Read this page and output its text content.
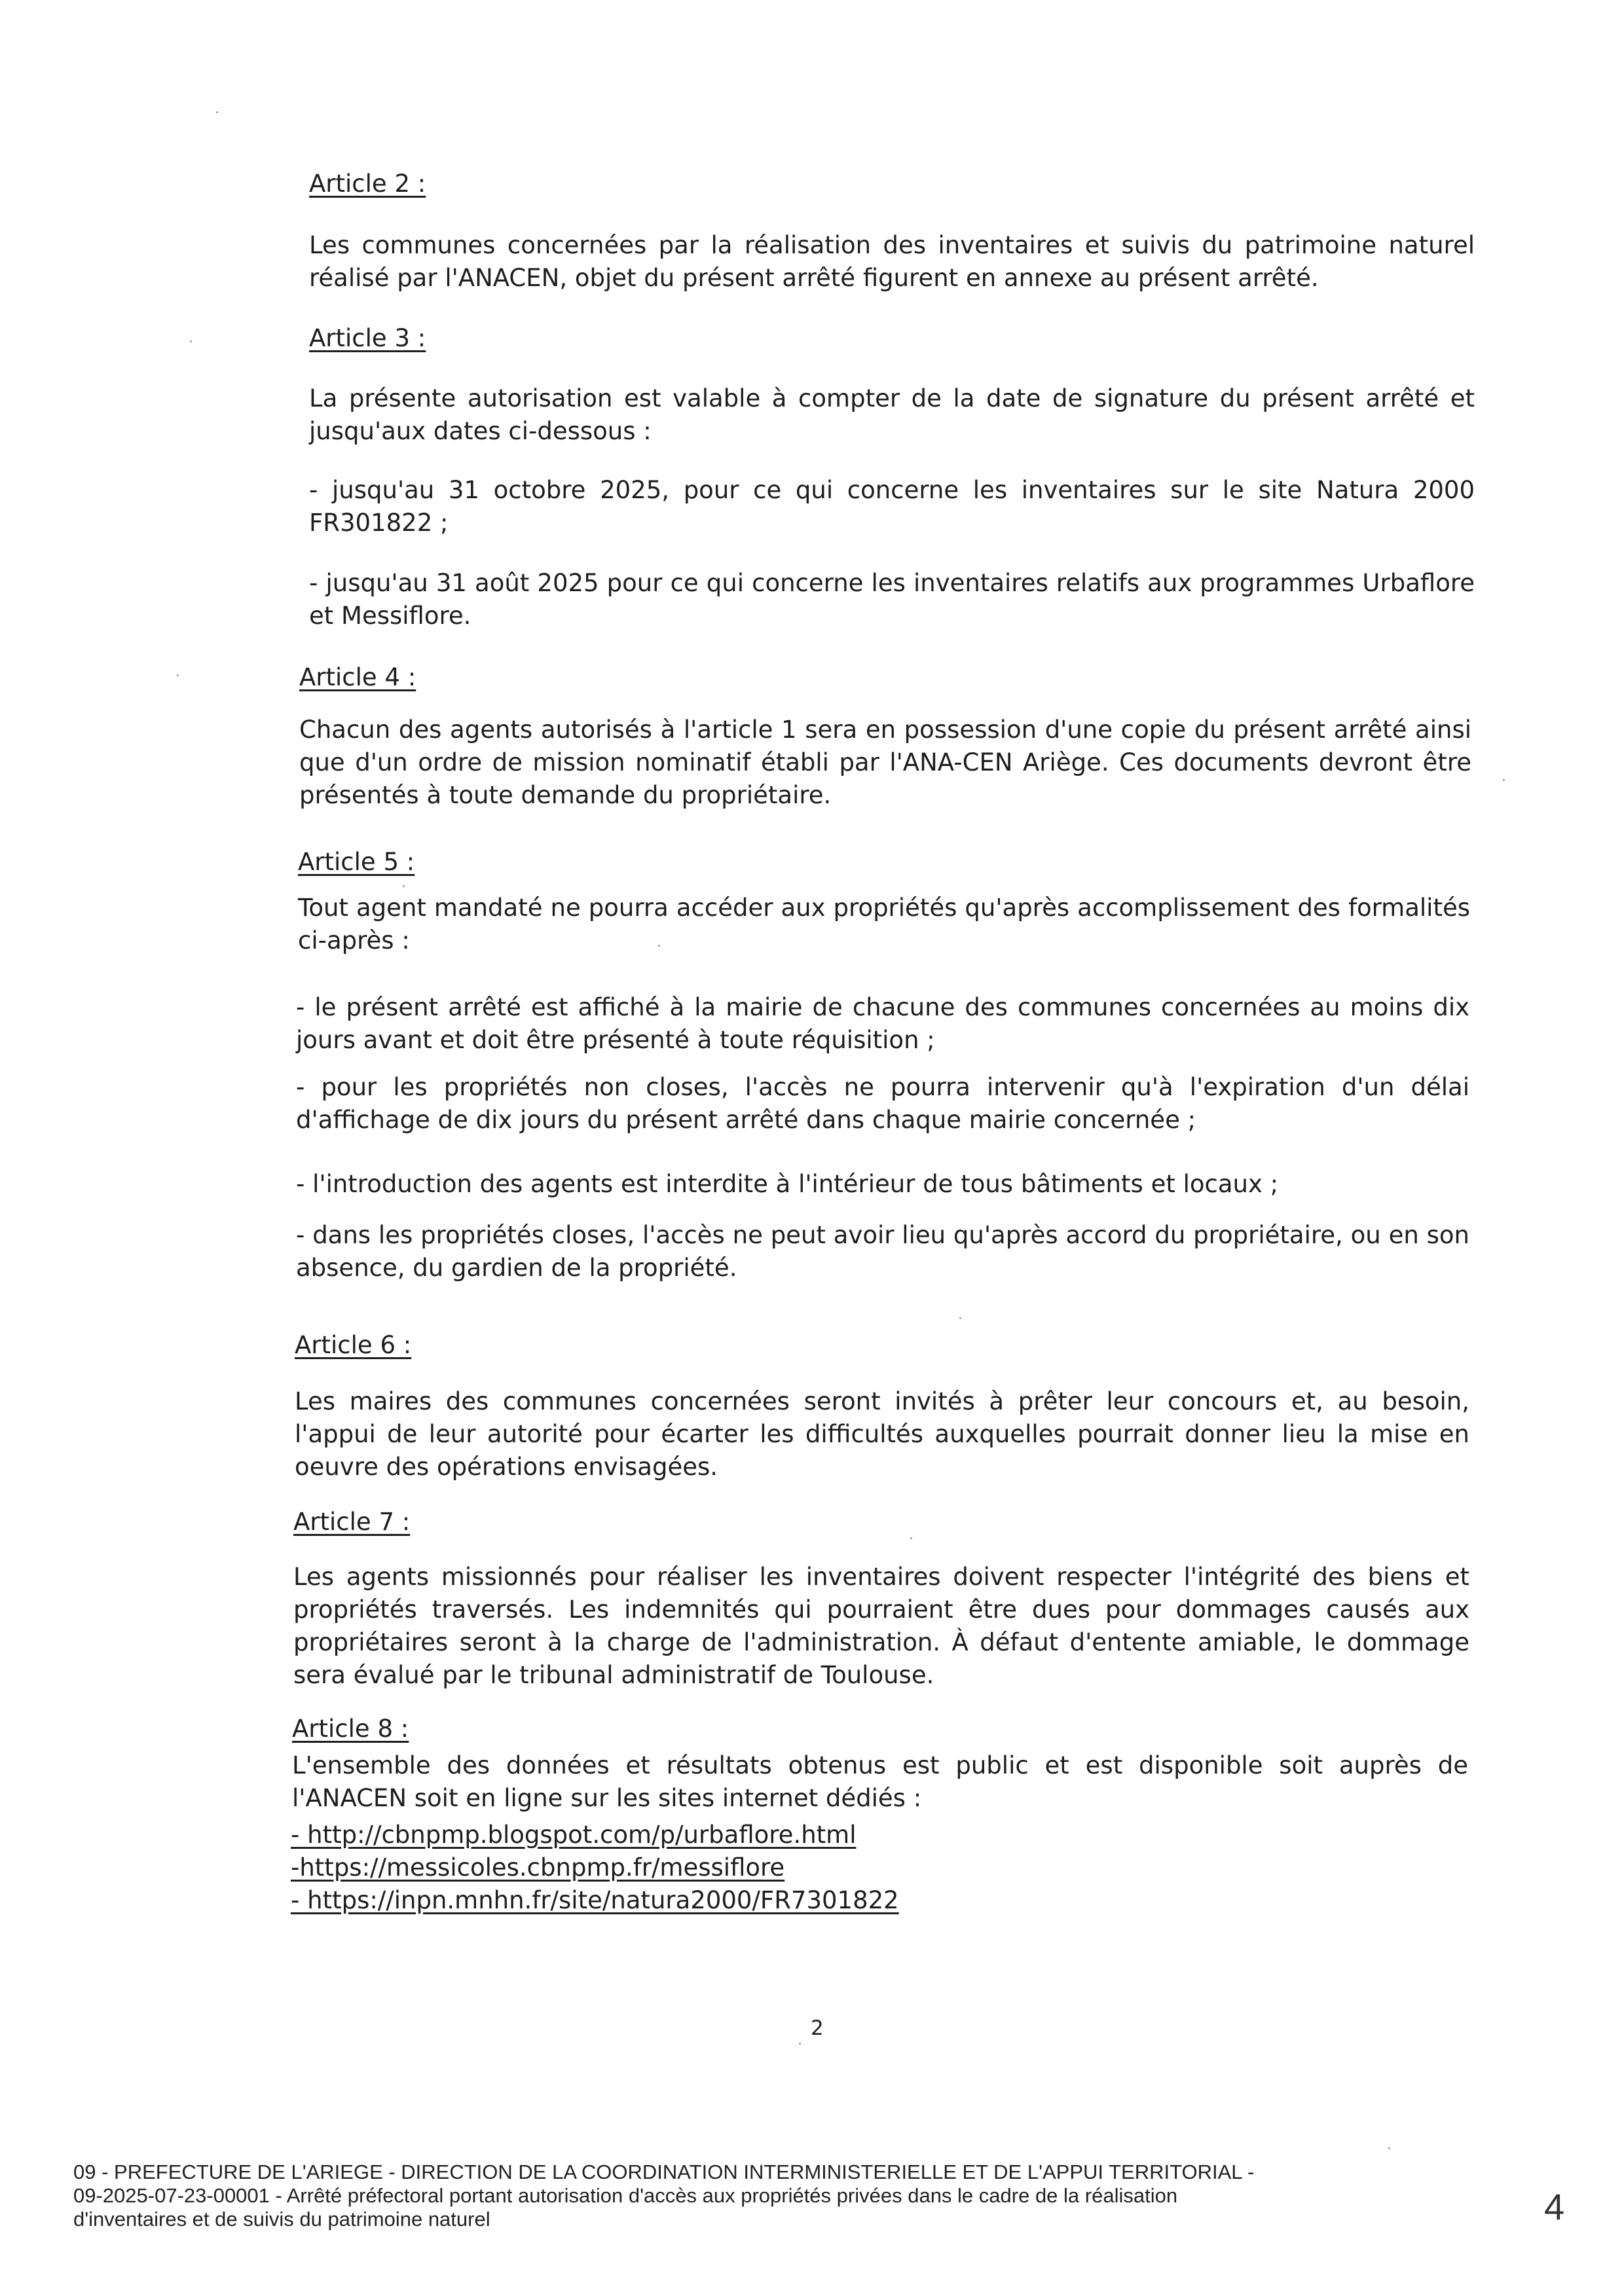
Article 2 :
Les communes concernées par la réalisation des inventaires et suivis du patrimoine naturel réalisé par l'ANACEN, objet du présent arrêté figurent en annexe au présent arrêté.
Article 3 :
La présente autorisation est valable à compter de la date de signature du présent arrêté et jusqu'aux dates ci-dessous :
- jusqu'au 31 octobre 2025, pour ce qui concerne les inventaires sur le site Natura 2000 FR301822 ;
- jusqu'au 31 août 2025 pour ce qui concerne les inventaires relatifs aux programmes Urbaflore et Messiflore.
Article 4 :
Chacun des agents autorisés à l'article 1 sera en possession d'une copie du présent arrêté ainsi que d'un ordre de mission nominatif établi par l'ANA-CEN Ariège. Ces documents devront être présentés à toute demande du propriétaire.
Article 5 :
Tout agent mandaté ne pourra accéder aux propriétés qu'après accomplissement des formalités ci-après :
- le présent arrêté est affiché à la mairie de chacune des communes concernées au moins dix jours avant et doit être présenté à toute réquisition ;
- pour les propriétés non closes, l'accès ne pourra intervenir qu'à l'expiration d'un délai d'affichage de dix jours du présent arrêté dans chaque mairie concernée ;
- l'introduction des agents est interdite à l'intérieur de tous bâtiments et locaux ;
- dans les propriétés closes, l'accès ne peut avoir lieu qu'après accord du propriétaire, ou en son absence, du gardien de la propriété.
Article 6 :
Les maires des communes concernées seront invités à prêter leur concours et, au besoin, l'appui de leur autorité pour écarter les difficultés auxquelles pourrait donner lieu la mise en oeuvre des opérations envisagées.
Article 7 :
Les agents missionnés pour réaliser les inventaires doivent respecter l'intégrité des biens et propriétés traversés. Les indemnités qui pourraient être dues pour dommages causés aux propriétaires seront à la charge de l'administration. À défaut d'entente amiable, le dommage sera évalué par le tribunal administratif de Toulouse.
Article 8 :
L'ensemble des données et résultats obtenus est public et est disponible soit auprès de l'ANACEN soit en ligne sur les sites internet dédiés :
- http://cbnpmp.blogspot.com/p/urbaflore.html
-https://messicoles.cbnpmp.fr/messiflore
- https://inpn.mnhn.fr/site/natura2000/FR7301822
2
09 - PREFECTURE DE L'ARIEGE - DIRECTION DE LA COORDINATION INTERMINISTERIELLE ET DE L'APPUI TERRITORIAL -
09-2025-07-23-00001 - Arrêté préfectoral portant autorisation d'accès aux propriétés privées dans le cadre de la réalisation
d'inventaires et de suivis du patrimoine naturel	4
